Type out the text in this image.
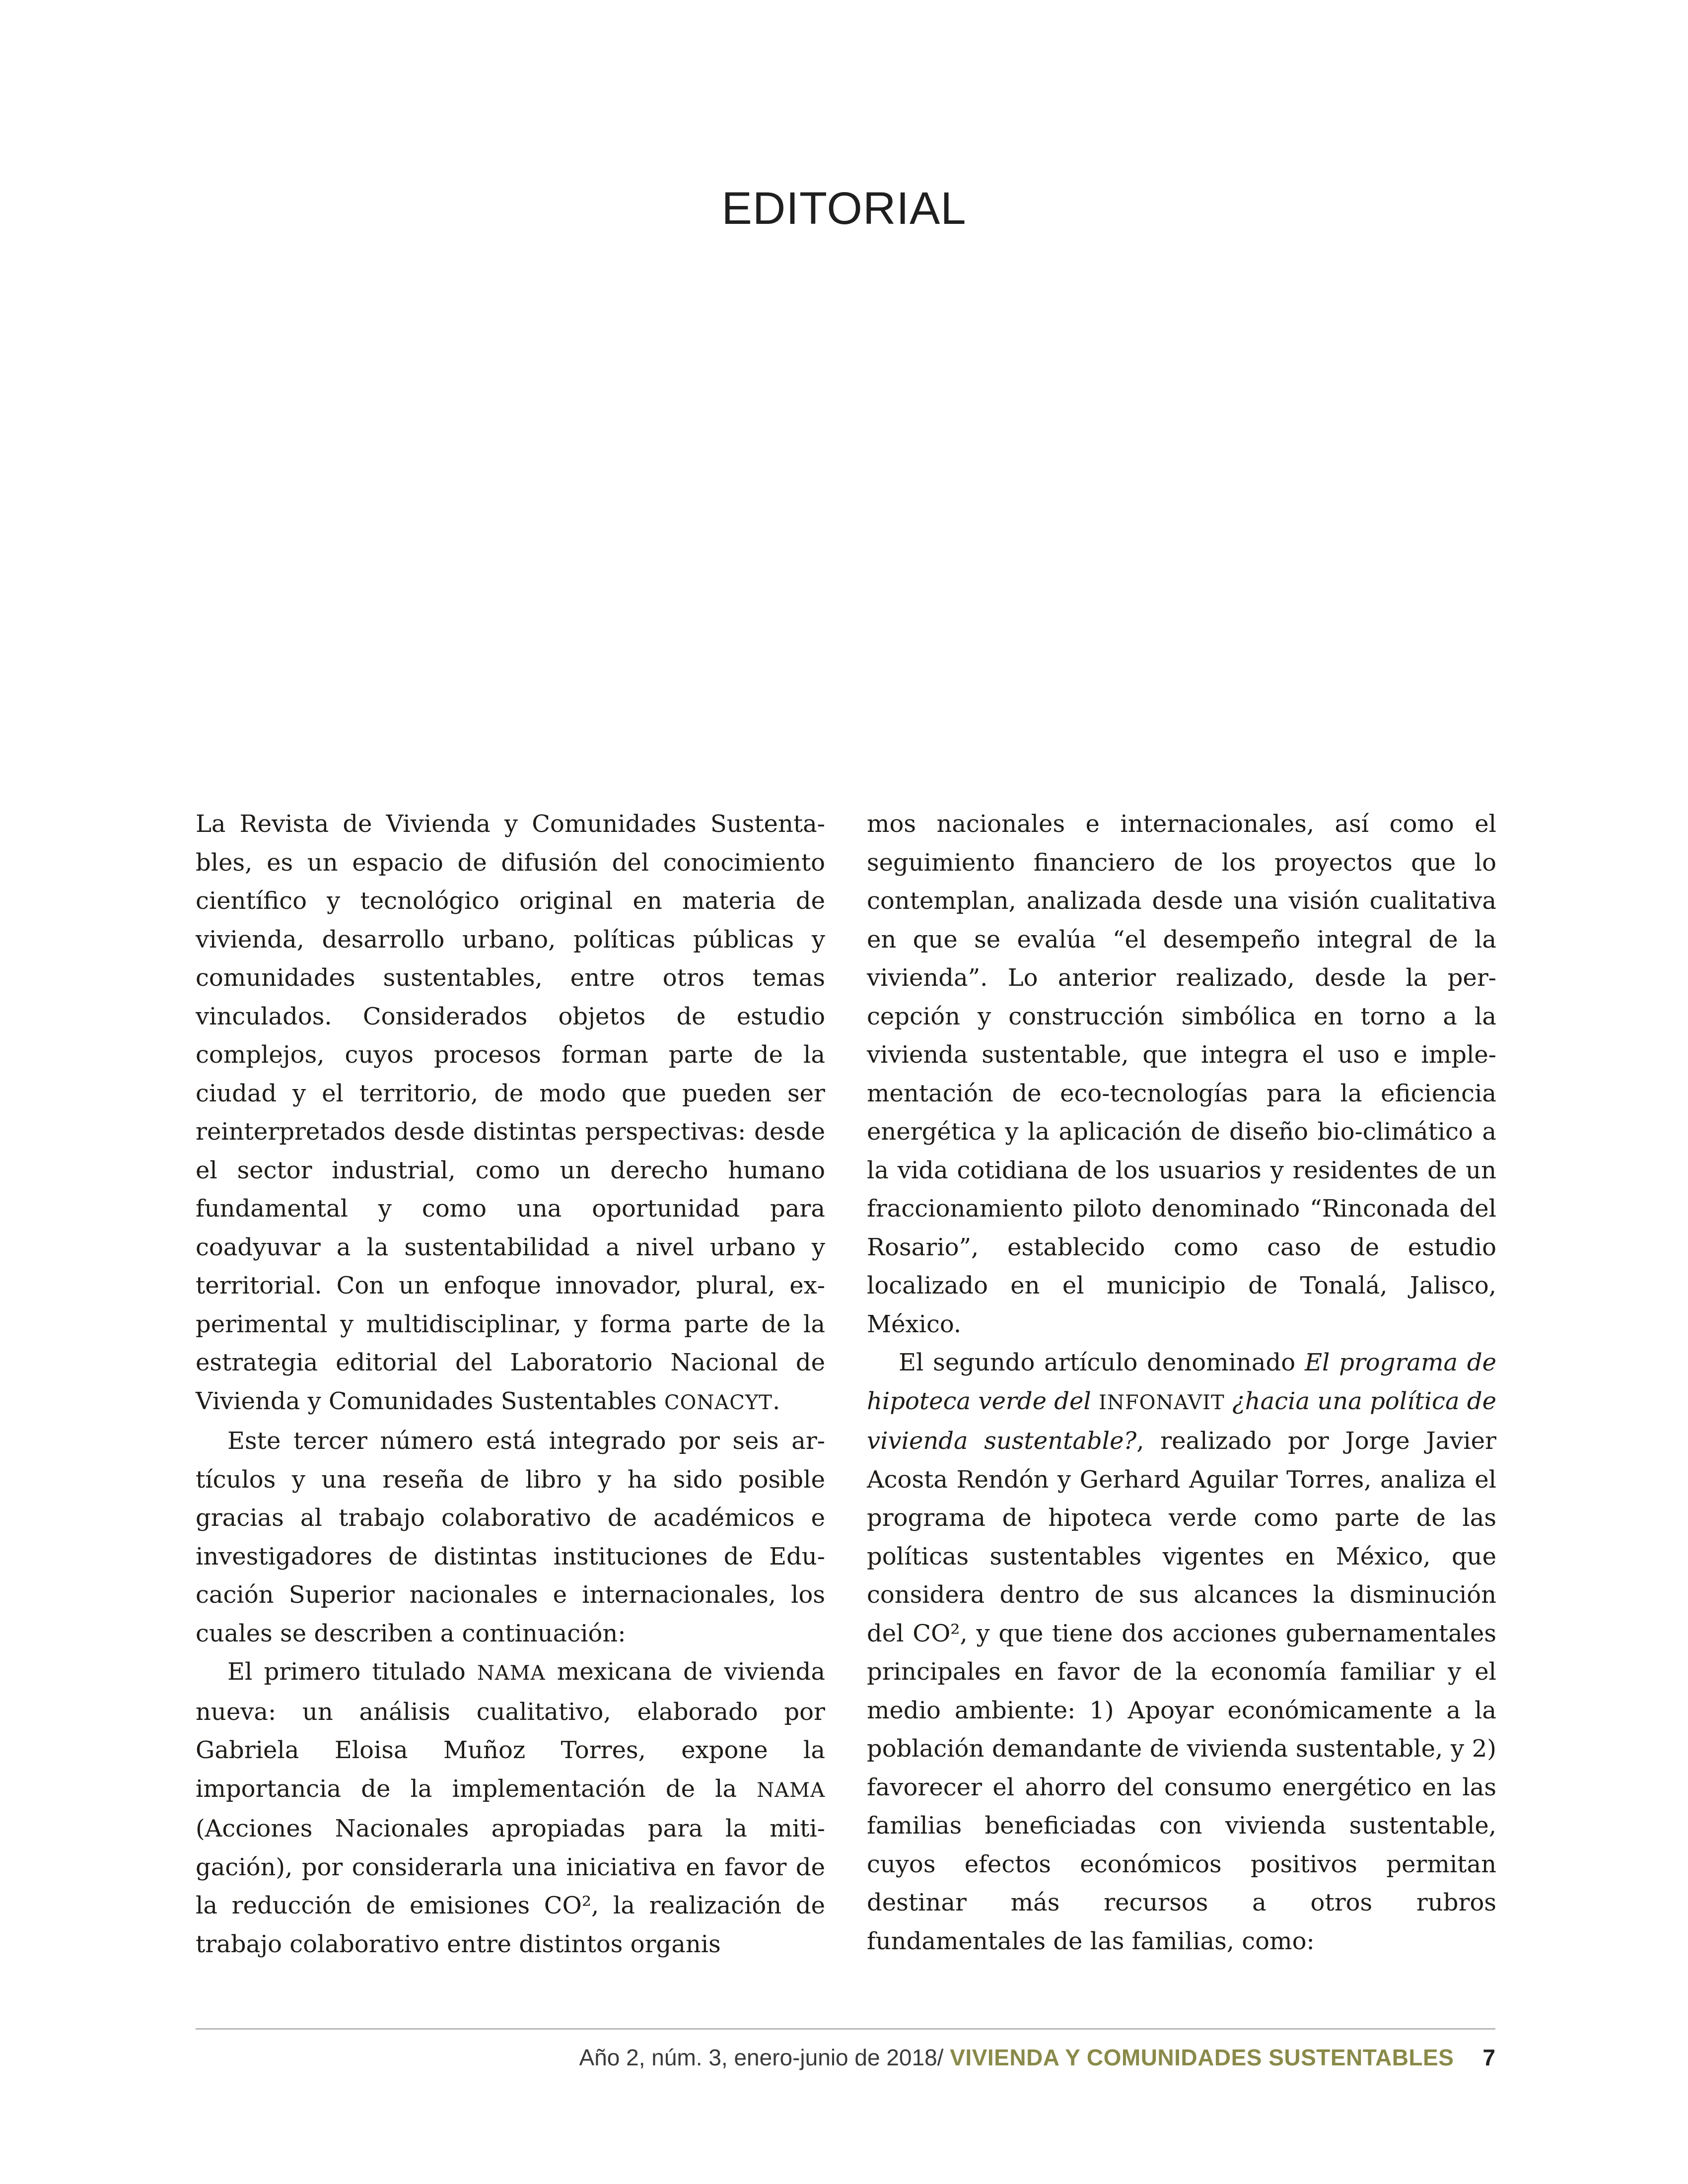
EDITORIAL

La Revista de Vivienda y Comunidades Sustentables, es un espacio de difusión del conocimiento científico y tecnológico original en materia de vivienda, desarrollo urbano, políticas públicas y comunidades sustentables, entre otros temas vinculados. Considerados objetos de estudio complejos, cuyos procesos forman parte de la ciudad y el territorio, de modo que pueden ser reinterpretados desde distintas perspectivas: desde el sector industrial, como un derecho humano fundamental y como una oportunidad para coadyuvar a la sustentabilidad a nivel urbano y territorial. Con un enfoque innovador, plural, experimental y multidisciplinar, y forma parte de la estrategia editorial del Laboratorio Nacional de Vivienda y Comunidades Sustentables CONACYT.

Este tercer número está integrado por seis artículos y una reseña de libro y ha sido posible gracias al trabajo colaborativo de académicos e investigadores de distintas instituciones de Educación Superior nacionales e internacionales, los cuales se describen a continuación:

El primero titulado NAMA mexicana de vivienda nueva: un análisis cualitativo, elaborado por Gabriela Eloisa Muñoz Torres, expone la importancia de la implementación de la NAMA (Acciones Nacionales apropiadas para la mitigación), por considerarla una iniciativa en favor de la reducción de emisiones CO², la realización de trabajo colaborativo entre distintos organis

mos nacionales e internacionales, así como el seguimiento financiero de los proyectos que lo contemplan, analizada desde una visión cualitativa en que se evalúa “el desempeño integral de la vivienda”. Lo anterior realizado, desde la percepción y construcción simbólica en torno a la vivienda sustentable, que integra el uso e implementación de eco-tecnologías para la eficiencia energética y la aplicación de diseño bio-climático a la vida cotidiana de los usuarios y residentes de un fraccionamiento piloto denominado “Rinconada del Rosario”, establecido como caso de estudio localizado en el municipio de Tonalá, Jalisco, México.

El segundo artículo denominado El programa de hipoteca verde del INFONAVIT ¿hacia una política de vivienda sustentable?, realizado por Jorge Javier Acosta Rendón y Gerhard Aguilar Torres, analiza el programa de hipoteca verde como parte de las políticas sustentables vigentes en México, que considera dentro de sus alcances la disminución del CO², y que tiene dos acciones gubernamentales principales en favor de la economía familiar y el medio ambiente: 1) Apoyar económicamente a la población demandante de vivienda sustentable, y 2) favorecer el ahorro del consumo energético en las familias beneficiadas con vivienda sustentable, cuyos efectos económicos positivos permitan destinar más recursos a otros rubros fundamentales de las familias, como:

Año 2, núm. 3, enero-junio de 2018/ VIVIENDA Y COMUNIDADES SUSTENTABLES 7
